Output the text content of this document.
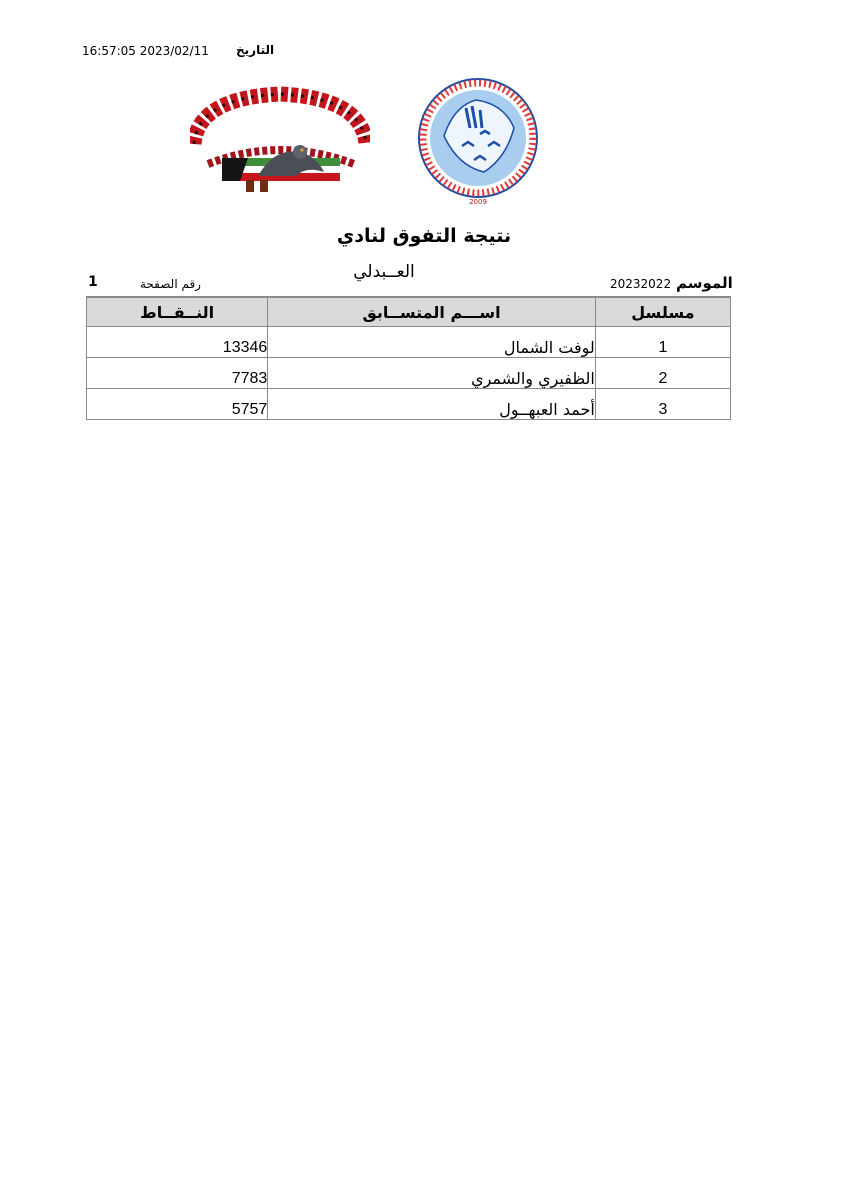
16:57:05 2023/02/11 التاريخ
2009
نتيجة التفوق لنادي
الموسم
20232022
العــبدلي
رقم الصفحة
1
مسلسل	اســـم المتســابق	النــقــاط
1	لوفت الشمال	13346
2	الظفيري والشمري	7783
3	أحمد العبهــول	5757
